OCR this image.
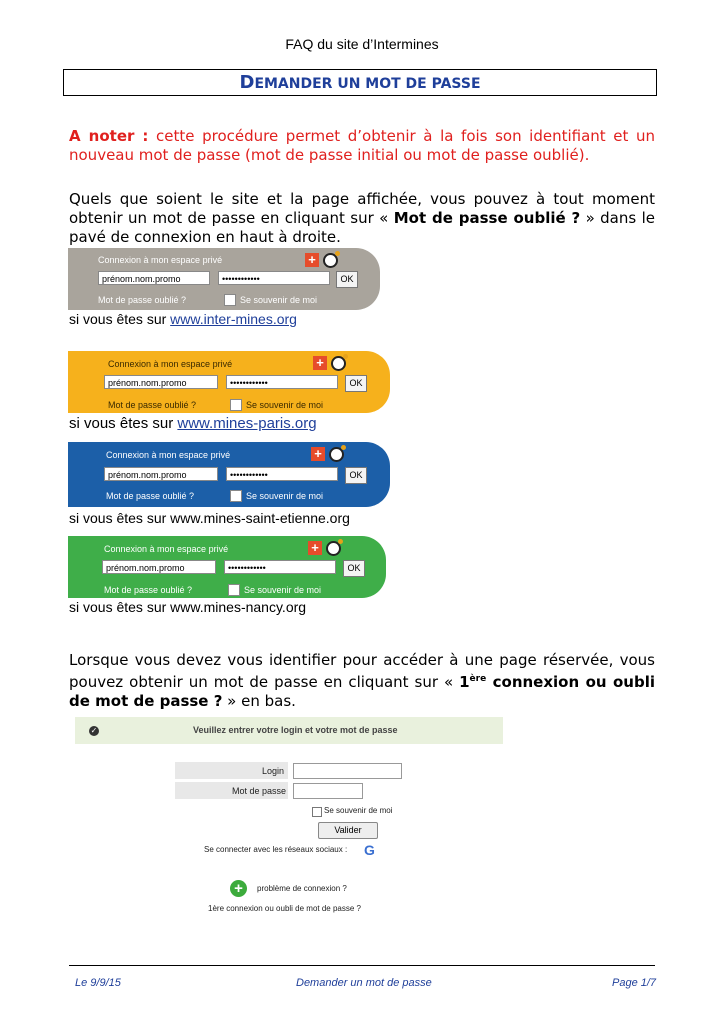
FAQ du site d’Intermines
DEMANDER UN MOT DE PASSE
A noter : cette procédure permet d’obtenir à la fois son identifiant et un nouveau mot de passe (mot de passe initial ou mot de passe oublié).
Quels que soient le site et la page affichée, vous pouvez à tout moment obtenir un mot de passe en cliquant sur « Mot de passe oublié ? » dans le pavé de connexion en haut à droite.
Connexion à mon espace privé	+
prénom.nom.promo	••••••••••••	OK
Mot de passe oublié ?	Se souvenir de moi
si vous êtes sur www.inter-mines.org
Connexion à mon espace privé	+
prénom.nom.promo	••••••••••••	OK
Mot de passe oublié ?	Se souvenir de moi
si vous êtes sur www.mines-paris.org
Connexion à mon espace privé	+
prénom.nom.promo	••••••••••••	OK
Mot de passe oublié ?	Se souvenir de moi
si vous êtes sur www.mines-saint-etienne.org
Connexion à mon espace privé	+
prénom.nom.promo	••••••••••••	OK
Mot de passe oublié ?	Se souvenir de moi
si vous êtes sur www.mines-nancy.org
Lorsque vous devez vous identifier pour accéder à une page réservée, vous pouvez obtenir un mot de passe en cliquant sur « 1ère connexion ou oubli de mot de passe ? » en bas.
✓	Veuillez entrer votre login et votre mot de passe
Login
Mot de passe
Se souvenir de moi
Valider
Se connecter avec les réseaux sociaux : G
+	problème de connexion ?
1ère connexion ou oubli de mot de passe ?
Le 9/9/15	Demander un mot de passe	Page 1/7
